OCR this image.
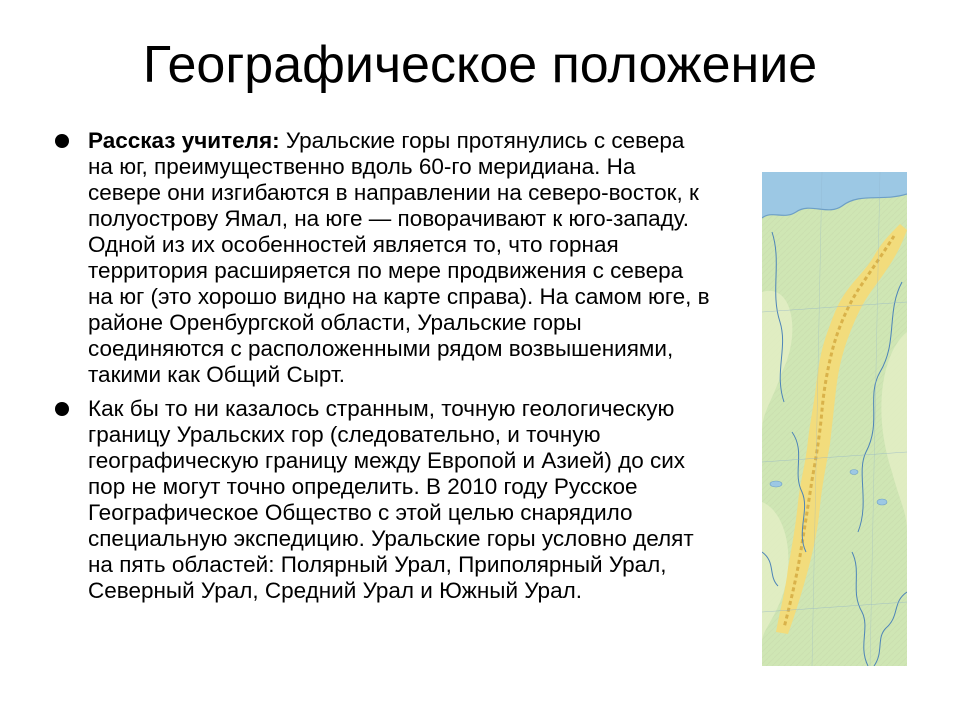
Географическое положение
Рассказ учителя: Уральские горы протянулись с севера на юг, преимущественно вдоль 60-го меридиана. На севере они изгибаются в направлении на северо-восток, к полуострову Ямал, на юге — поворачивают к юго-западу. Одной из их особенностей является то, что горная территория расширяется по мере продвижения с севера на юг (это хорошо видно на карте справа). На самом юге, в районе Оренбургской области, Уральские горы соединяются с расположенными рядом возвышениями, такими как Общий Сырт.
Как бы то ни казалось странным, точную геологическую границу Уральских гор (следовательно, и точную географическую границу между Европой и Азией) до сих пор не могут точно определить. В 2010 году Русское Географическое Общество с этой целью снарядило специальную экспедицию. Уральские горы условно делят на пять областей: Полярный Урал, Приполярный Урал, Северный Урал, Средний Урал и Южный Урал.
